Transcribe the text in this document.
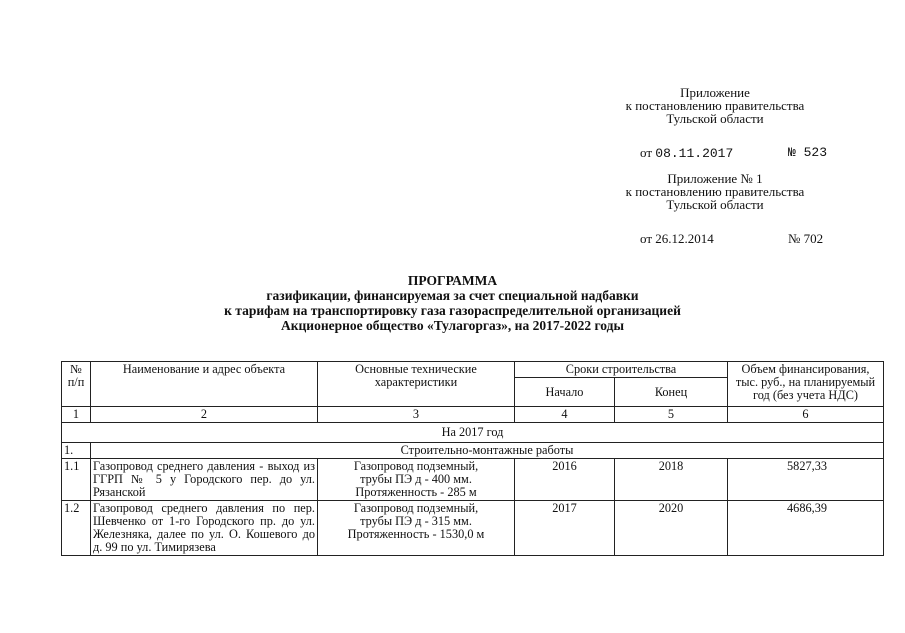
Приложение
к постановлению правительства
Тульской области
от 08.11.2017	№ 523
Приложение № 1
к постановлению правительства
Тульской области
от 26.12.2014	№ 702
ПРОГРАММА
газификации, финансируемая за счет специальной надбавки
к тарифам на транспортировку газа газораспределительной организацией
Акционерное общество «Тулагоргаз», на 2017-2022 годы
№ п/п	Наименование и адрес объекта	Основные технические характеристики	Сроки строительства		Объем финансирования, тыс. руб., на планируемый год (без учета НДС)
			Начало	Конец	
1	2	3	4	5	6
На 2017 год					
1.	Строительно-монтажные работы				
1.1	Газопровод среднего давления - выход из ГГРП № 5 у Городского пер. до ул. Рязанской	Газопровод подземный,
трубы ПЭ д - 400 мм.
Протяженность - 285 м	2016	2018	5827,33
1.2	Газопровод среднего давления по пер. Шевченко от 1-го Городского пр. до ул. Железняка, далее по ул. О. Кошевого до д. 99 по ул. Тимирязева	Газопровод подземный,
трубы ПЭ д - 315 мм.
Протяженность - 1530,0 м	2017	2020	4686,39
